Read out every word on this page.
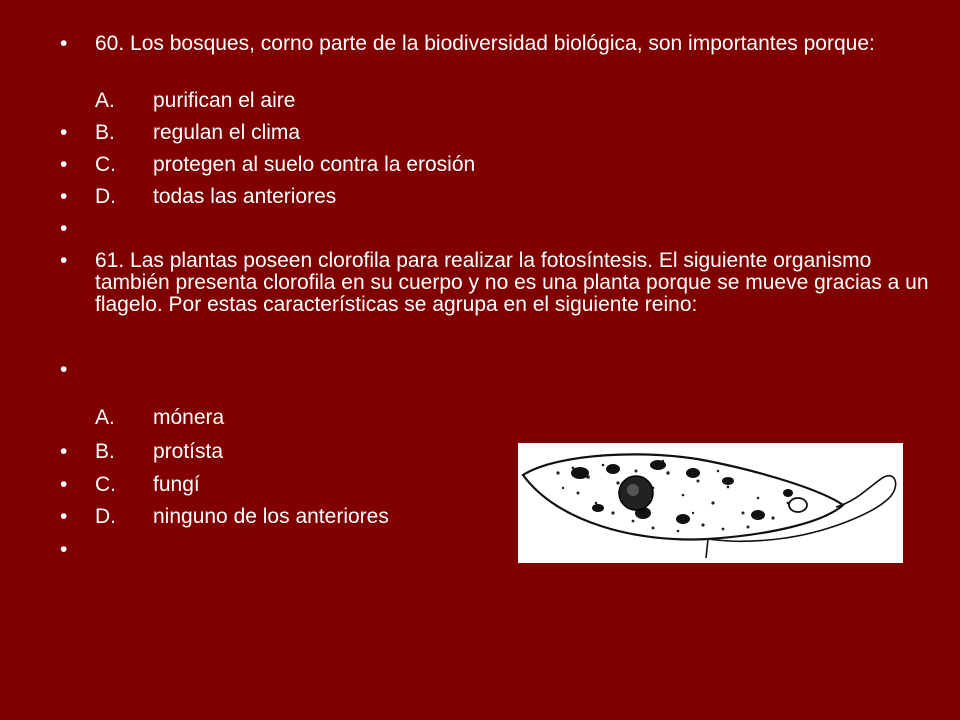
•	60. Los bosques, corno parte de la biodiversidad biológica, son importantes porque:
A.	purifican el aire
•	B.	regulan el clima
•	C.	protegen al suelo contra la erosión
•	D.	todas las anteriores
•
•	61. Las plantas poseen clorofila para realizar la fotosíntesis. El siguiente organismo también presenta clorofila en su cuerpo y no es una planta porque se mueve gracias a un flagelo. Por estas características se agrupa en el siguiente reino:
•
A.	mónera
•	B.	protísta
•	C.	fungí
•	D.	ninguno de los anteriores
•
